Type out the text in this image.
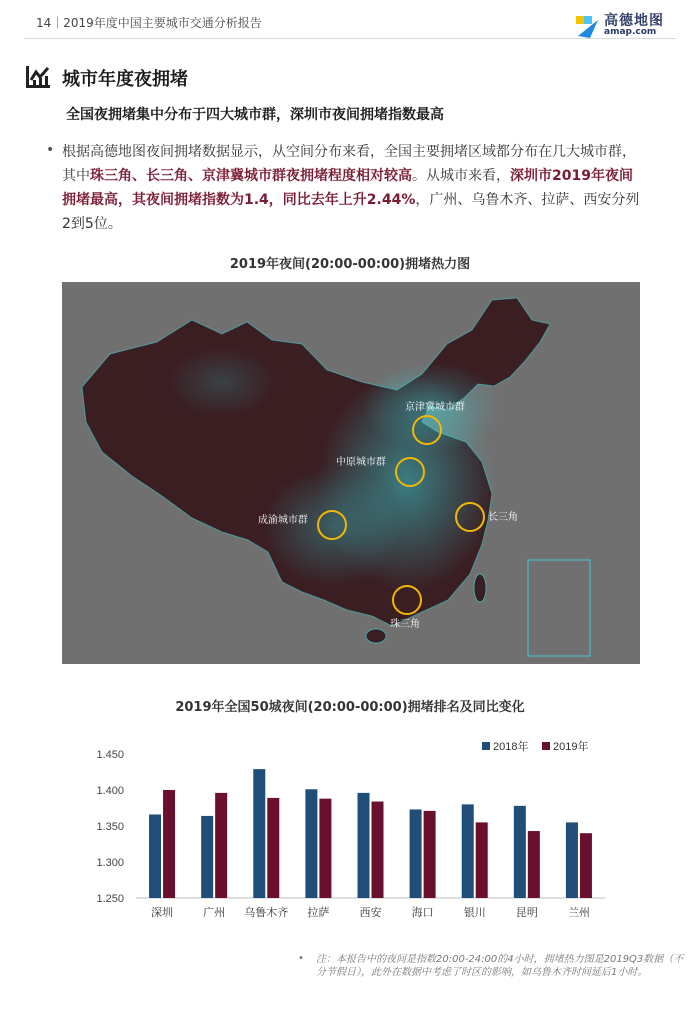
14｜2019年度中国主要城市交通分析报告	高德地图
amap.com
城市年度夜拥堵
全国夜拥堵集中分布于四大城市群，深圳市夜间拥堵指数最高
• 根据高德地图夜间拥堵数据显示，从空间分布来看，全国主要拥堵区域都分布在几大城市群，其中珠三角、长三角、京津冀城市群夜拥堵程度相对较高。从城市来看，深圳市2019年夜间拥堵最高，其夜间拥堵指数为1.4，同比去年上升2.44%，广州、乌鲁木齐、拉萨、西安分列2到5位。
2019年夜间(20:00-00:00)拥堵热力图
京津冀城市群
中原城市群
成渝城市群	长三角
珠三角
2019年全国50城夜间(20:00-00:00)拥堵排名及同比变化
1.450
1.400
1.350
1.300
1.250
深圳	广州 乌鲁木齐 拉萨	西安	海口	银川	昆明	兰州
2018年 2019年
• 注：本报告中的夜间是指数20:00-24:00的4小时，拥堵热力图是2019Q3数据（不分节假日），此外在数据中考虑了时区的影响，如乌鲁木齐时间延后1小时。
